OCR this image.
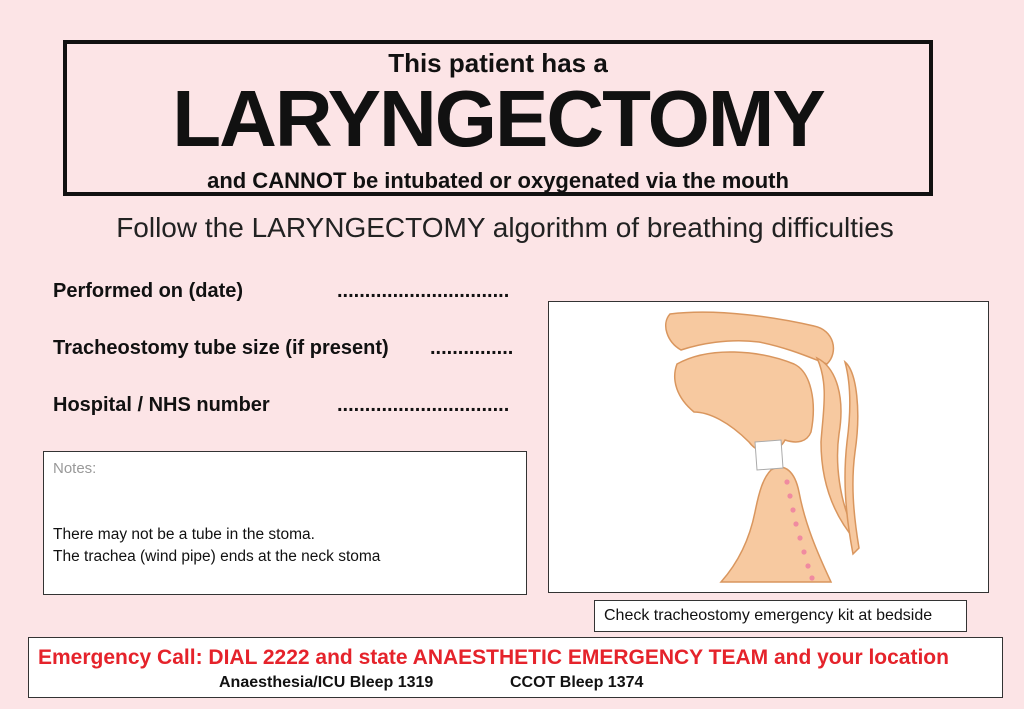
This patient has a
LARYNGECTOMY
and CANNOT be intubated or oxygenated via the mouth
Follow the LARYNGECTOMY algorithm of breathing difficulties
Performed on (date)	...............................
Tracheostomy tube size (if present) ...............
Hospital / NHS number	...............................
Notes:
There may not be a tube in the stoma.
The trachea (wind pipe) ends at the neck stoma
Check tracheostomy emergency kit at bedside
Emergency Call: DIAL 2222 and state ANAESTHETIC EMERGENCY TEAM and your location
Anaesthesia/ICU Bleep 1319	CCOT Bleep 1374
